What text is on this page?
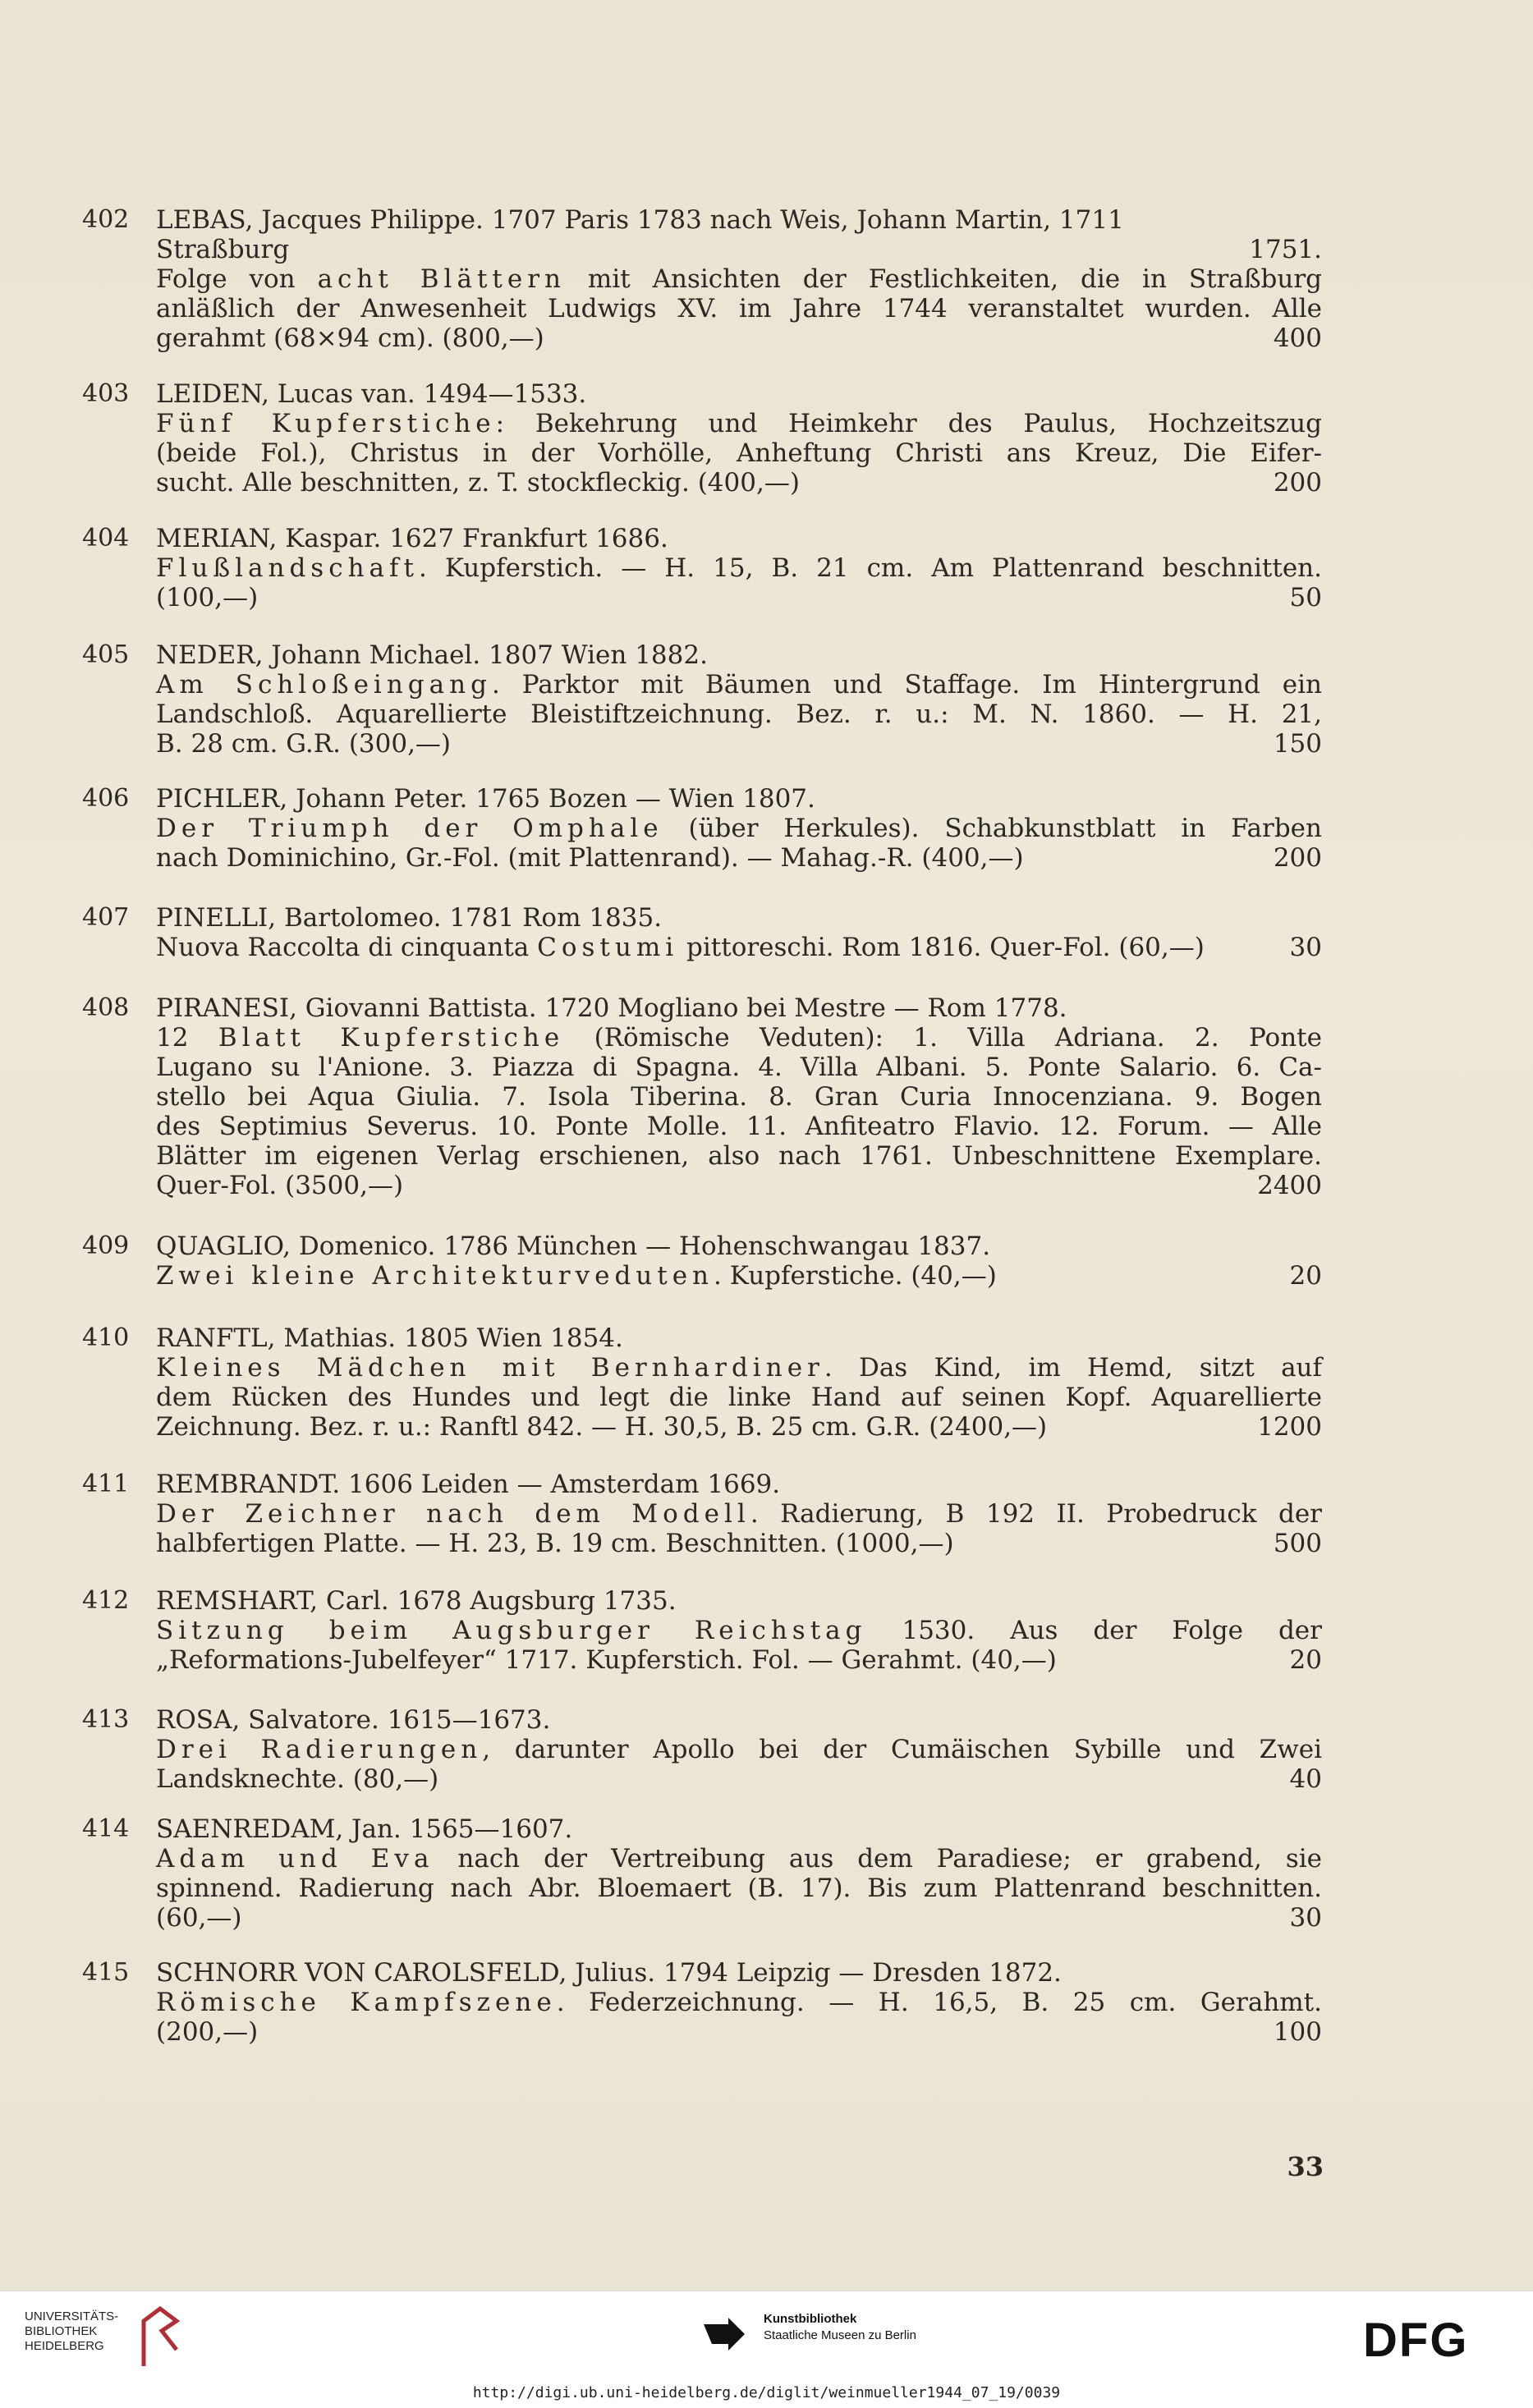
402 LEBAS, Jacques Philippe. 1707 Paris 1783 nach Weis, Johann Martin, 1711
Straßburg 1751.
Folge von acht Blättern mit Ansichten der Festlichkeiten, die in Straßburg
anläßlich der Anwesenheit Ludwigs XV. im Jahre 1744 veranstaltet wurden. Alle
gerahmt (68×94 cm). (800,—)	400
403 LEIDEN, Lucas van. 1494—1533.
Fünf Kupferstiche: Bekehrung und Heimkehr des Paulus, Hochzeitszug
(beide Fol.), Christus in der Vorhölle, Anheftung Christi ans Kreuz, Die Eifer-
sucht. Alle beschnitten, z. T. stockfleckig. (400,—)	200
404 MERIAN, Kaspar. 1627 Frankfurt 1686.
Flußlandschaft. Kupferstich. — H. 15, B. 21 cm. Am Plattenrand beschnitten.
(100,—)	50
405 NEDER, Johann Michael. 1807 Wien 1882.
Am Schloßeingang. Parktor mit Bäumen und Staffage. Im Hintergrund ein
Landschloß. Aquarellierte Bleistiftzeichnung. Bez. r. u.: M. N. 1860. — H. 21,
B. 28 cm. G.R. (300,—)	150
406 PICHLER, Johann Peter. 1765 Bozen — Wien 1807.
Der Triumph der Omphale (über Herkules). Schabkunstblatt in Farben
nach Dominichino, Gr.-Fol. (mit Plattenrand). — Mahag.-R. (400,—)	200
407 PINELLI, Bartolomeo. 1781 Rom 1835.
Nuova Raccolta di cinquanta Costumi pittoreschi. Rom 1816. Quer-Fol. (60,—)	30
408 PIRANESI, Giovanni Battista. 1720 Mogliano bei Mestre — Rom 1778.
12 Blatt Kupferstiche (Römische Veduten): 1. Villa Adriana. 2. Ponte
Lugano su l'Anione. 3. Piazza di Spagna. 4. Villa Albani. 5. Ponte Salario. 6. Ca-
stello bei Aqua Giulia. 7. Isola Tiberina. 8. Gran Curia Innocenziana. 9. Bogen
des Septimius Severus. 10. Ponte Molle. 11. Anfiteatro Flavio. 12. Forum. — Alle
Blätter im eigenen Verlag erschienen, also nach 1761. Unbeschnittene Exemplare.
Quer-Fol. (3500,—)	2400
409 QUAGLIO, Domenico. 1786 München — Hohenschwangau 1837.
Zwei kleine Architekturveduten. Kupferstiche. (40,—)	20
410 RANFTL, Mathias. 1805 Wien 1854.
Kleines Mädchen mit Bernhardiner. Das Kind, im Hemd, sitzt auf
dem Rücken des Hundes und legt die linke Hand auf seinen Kopf. Aquarellierte
Zeichnung. Bez. r. u.: Ranftl 842. — H. 30,5, B. 25 cm. G.R. (2400,—)	1200
411 REMBRANDT. 1606 Leiden — Amsterdam 1669.
Der Zeichner nach dem Modell. Radierung, B 192 II. Probedruck der
halbfertigen Platte. — H. 23, B. 19 cm. Beschnitten. (1000,—)	500
412 REMSHART, Carl. 1678 Augsburg 1735.
Sitzung beim Augsburger Reichstag 1530. Aus der Folge der
„Reformations-Jubelfeyer“ 1717. Kupferstich. Fol. — Gerahmt. (40,—)	20
413 ROSA, Salvatore. 1615—1673.
Drei Radierungen, darunter Apollo bei der Cumäischen Sybille und Zwei
Landsknechte. (80,—)	40
414 SAENREDAM, Jan. 1565—1607.
Adam und Eva nach der Vertreibung aus dem Paradiese; er grabend, sie
spinnend. Radierung nach Abr. Bloemaert (B. 17). Bis zum Plattenrand beschnitten.
(60,—)	30
415 SCHNORR VON CAROLSFELD, Julius. 1794 Leipzig — Dresden 1872.
Römische Kampfszene. Federzeichnung. — H. 16,5, B. 25 cm. Gerahmt.
(200,—)	100
33
UNIVERSITÄTS-
BIBLIOTHEK
HEIDELBERG
Kunstbibliothek
Staatliche Museen zu Berlin	DFG
http://digi.ub.uni-heidelberg.de/diglit/weinmueller1944_07_19/0039
